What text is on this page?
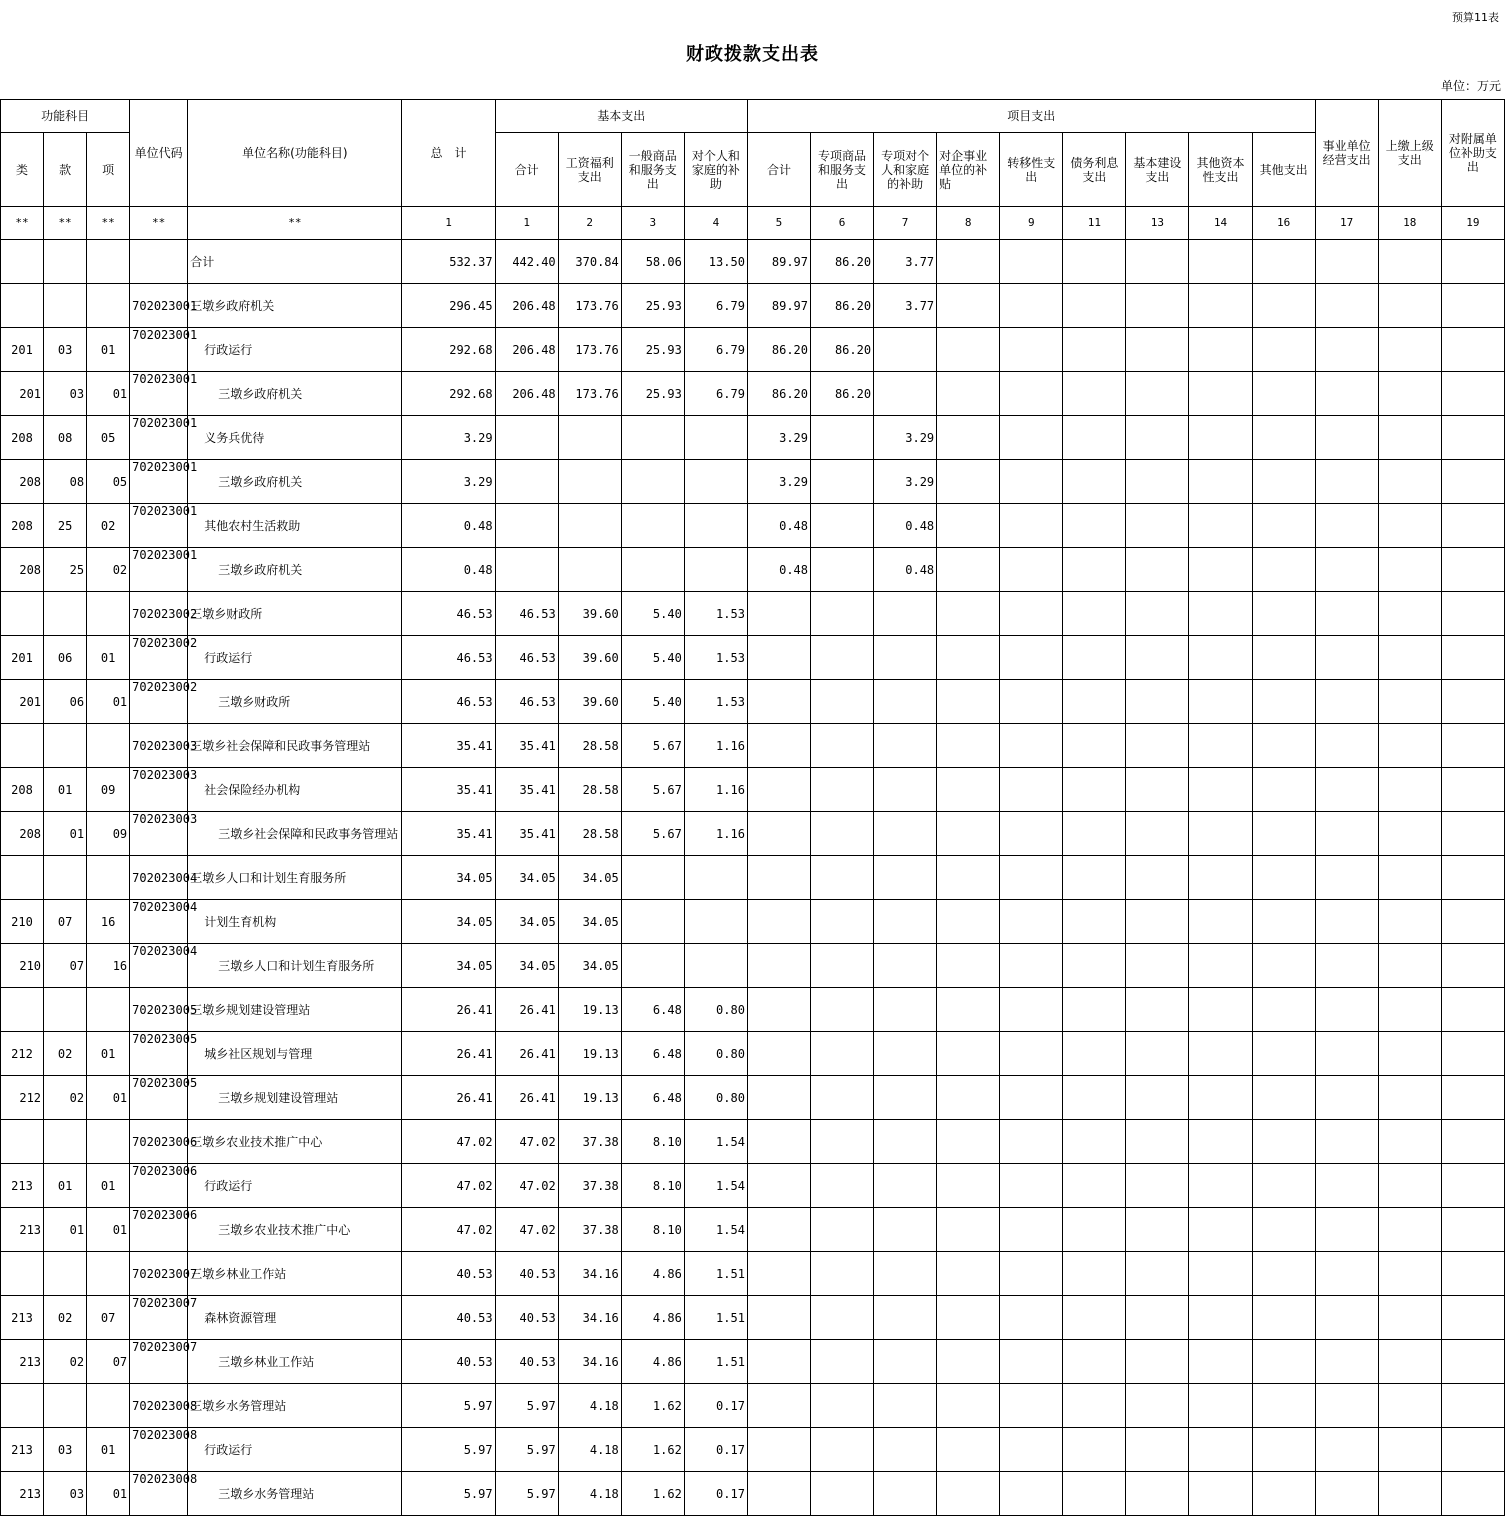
预算11表
财政拨款支出表
单位：万元
功能科目			单位代码	单位名称(功能科目)	总　计	基本支出				项目支出									事业单位经营支出	上缴上级支出	对附属单位补助支出
类	款	项				合计	工资福利支出	一般商品和服务支出	对个人和家庭的补助	合计	专项商品和服务支出	专项对个人和家庭的补助	对企事业单位的补贴	转移性支出	债务利息支出	基本建设支出	其他资本性支出	其他支出			
**	**	**	**	**	1	1	2	3	4	5	6	7	8	9	11	13	14	16	17	18	19
				合计	532.37	442.40	370.84	58.06	13.50	89.97	86.20	3.77									
			702023001	三墩乡政府机关	296.45	206.48	173.76	25.93	6.79	89.97	86.20	3.77									
201	03	01	702023001	行政运行	292.68	206.48	173.76	25.93	6.79	86.20	86.20										
201	03	01	702023001	三墩乡政府机关	292.68	206.48	173.76	25.93	6.79	86.20	86.20										
208	08	05	702023001	义务兵优待	3.29					3.29		3.29									
208	08	05	702023001	三墩乡政府机关	3.29					3.29		3.29									
208	25	02	702023001	其他农村生活救助	0.48					0.48		0.48									
208	25	02	702023001	三墩乡政府机关	0.48					0.48		0.48									
			702023002	三墩乡财政所	46.53	46.53	39.60	5.40	1.53												
201	06	01	702023002	行政运行	46.53	46.53	39.60	5.40	1.53												
201	06	01	702023002	三墩乡财政所	46.53	46.53	39.60	5.40	1.53												
			702023003	三墩乡社会保障和民政事务管理站	35.41	35.41	28.58	5.67	1.16												
208	01	09	702023003	社会保险经办机构	35.41	35.41	28.58	5.67	1.16												
208	01	09	702023003	三墩乡社会保障和民政事务管理站	35.41	35.41	28.58	5.67	1.16												
			702023004	三墩乡人口和计划生育服务所	34.05	34.05	34.05														
210	07	16	702023004	计划生育机构	34.05	34.05	34.05														
210	07	16	702023004	三墩乡人口和计划生育服务所	34.05	34.05	34.05														
			702023005	三墩乡规划建设管理站	26.41	26.41	19.13	6.48	0.80												
212	02	01	702023005	城乡社区规划与管理	26.41	26.41	19.13	6.48	0.80												
212	02	01	702023005	三墩乡规划建设管理站	26.41	26.41	19.13	6.48	0.80												
			702023006	三墩乡农业技术推广中心	47.02	47.02	37.38	8.10	1.54												
213	01	01	702023006	行政运行	47.02	47.02	37.38	8.10	1.54												
213	01	01	702023006	三墩乡农业技术推广中心	47.02	47.02	37.38	8.10	1.54												
			702023007	三墩乡林业工作站	40.53	40.53	34.16	4.86	1.51												
213	02	07	702023007	森林资源管理	40.53	40.53	34.16	4.86	1.51												
213	02	07	702023007	三墩乡林业工作站	40.53	40.53	34.16	4.86	1.51												
			702023008	三墩乡水务管理站	5.97	5.97	4.18	1.62	0.17												
213	03	01	702023008	行政运行	5.97	5.97	4.18	1.62	0.17												
213	03	01	702023008	三墩乡水务管理站	5.97	5.97	4.18	1.62	0.17												
